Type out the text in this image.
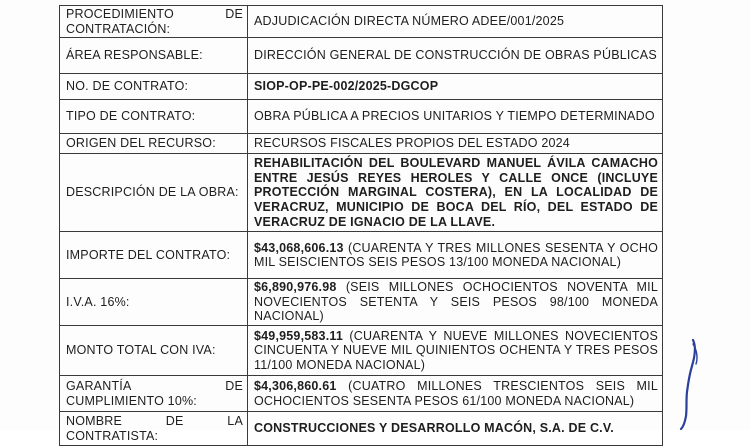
PROCEDIMIENTO DE CONTRATACIÓN:	ADJUDICACIÓN DIRECTA NÚMERO ADEE/001/2025
ÁREA RESPONSABLE:	DIRECCIÓN GENERAL DE CONSTRUCCIÓN DE OBRAS PÚBLICAS
NO. DE CONTRATO:	SIOP-OP-PE-002/2025-DGCOP
TIPO DE CONTRATO:	OBRA PÚBLICA A PRECIOS UNITARIOS Y TIEMPO DETERMINADO
ORIGEN DEL RECURSO:	RECURSOS FISCALES PROPIOS DEL ESTADO 2024
DESCRIPCIÓN DE LA OBRA:	REHABILITACIÓN DEL BOULEVARD MANUEL ÁVILA CAMACHO ENTRE JESÚS REYES HEROLES Y CALLE ONCE (INCLUYE PROTECCIÓN MARGINAL COSTERA), EN LA LOCALIDAD DE VERACRUZ, MUNICIPIO DE BOCA DEL RÍO, DEL ESTADO DE VERACRUZ DE IGNACIO DE LA LLAVE.
IMPORTE DEL CONTRATO:	$43,068,606.13 (CUARENTA Y TRES MILLONES SESENTA Y OCHO MIL SEISCIENTOS SEIS PESOS 13/100 MONEDA NACIONAL)
I.V.A. 16%:	$6,890,976.98 (SEIS MILLONES OCHOCIENTOS NOVENTA MIL NOVECIENTOS SETENTA Y SEIS PESOS 98/100 MONEDA NACIONAL)
MONTO TOTAL CON IVA:	$49,959,583.11 (CUARENTA Y NUEVE MILLONES NOVECIENTOS CINCUENTA Y NUEVE MIL QUINIENTOS OCHENTA Y TRES PESOS 11/100 MONEDA NACIONAL)
GARANTÍA DE CUMPLIMIENTO 10%:	$4,306,860.61 (CUATRO MILLONES TRESCIENTOS SEIS MIL OCHOCIENTOS SESENTA PESOS 61/100 MONEDA NACIONAL)
NOMBRE DE LA CONTRATISTA:	CONSTRUCCIONES Y DESARROLLO MACÓN, S.A. DE C.V.
